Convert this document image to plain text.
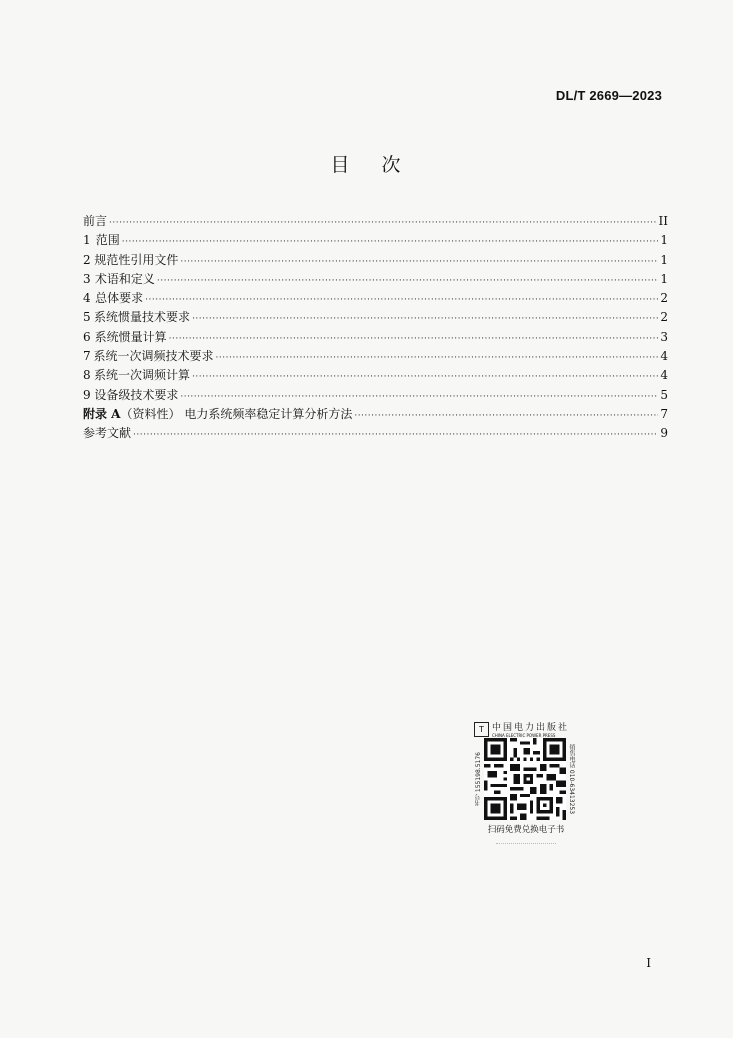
DL/T 2669—2023
目 次
前言 ·····	II
1 范围 ·····	1
2 规范性引用文件 ·····	1
3 术语和定义 ·····	1
4 总体要求 ·····	2
5 系统惯量技术要求 ·····	2
6 系统惯量计算 ·····	3
7 系统一次调频技术要求 ·····	4
8 系统一次调频计算 ·····	4
9 设备级技术要求 ·····	5
附录 A（资料性） 电力系统频率稳定计算分析方法 ·····	7
参考文献 ·····	9
T 中国电力出版社
CHINA ELECTRIC POWER PRESS
书号 155198.5176	销售电话 010-63413253
扫码免费兑换电子书
I
